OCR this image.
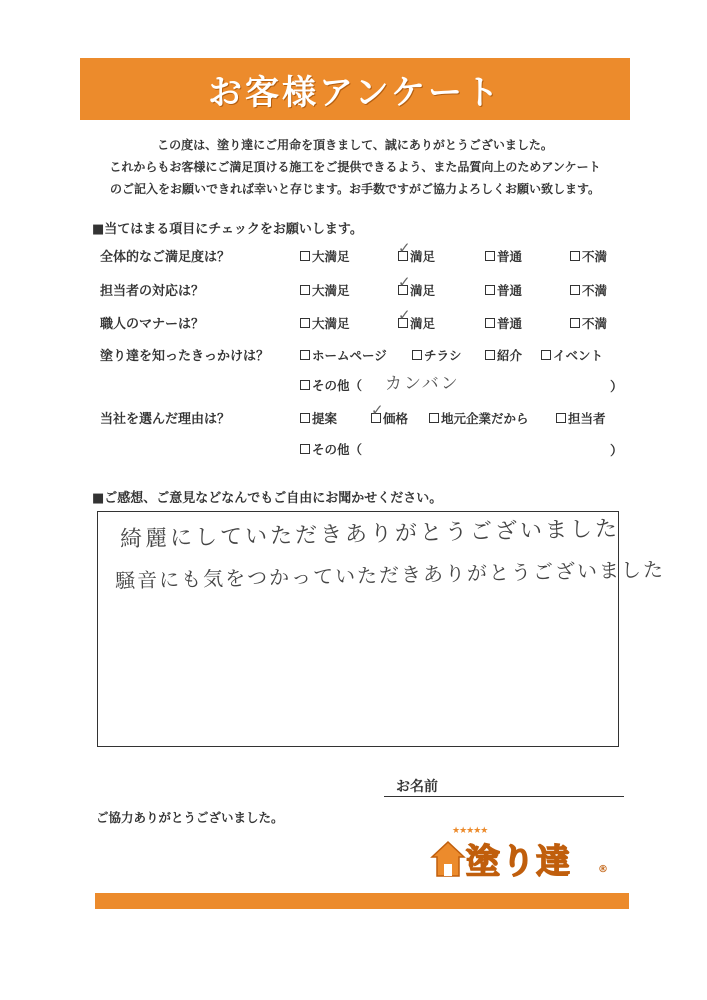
お客様アンケート
この度は、塗り達にご用命を頂きまして、誠にありがとうございました。
これからもお客様にご満足頂ける施工をご提供できるよう、また品質向上のためアンケート
のご記入をお願いできれば幸いと存じます。お手数ですがご協力よろしくお願い致します。
■当てはまる項目にチェックをお願いします。
全体的なご満足度は？	大満足	✓ 満足	普通	不満
担当者の対応は？	大満足	✓ 満足	普通	不満
職人のマナーは？	大満足	✓ 満足	普通	不満
塗り達を知ったきっかけは？	ホームページ	チラシ	紹介 イベント
その他（ カンバン	）
当社を選んだ理由は？	提案 ✓ 価格	地元企業だから	担当者
その他（	）
■ご感想、ご意見などなんでもご自由にお聞かせください。
綺麗にしていただきありがとうございました
騒音にも気をつかっていただきありがとうございました
お名前
ご協力ありがとうございました。
★★★★★
塗り達	®
